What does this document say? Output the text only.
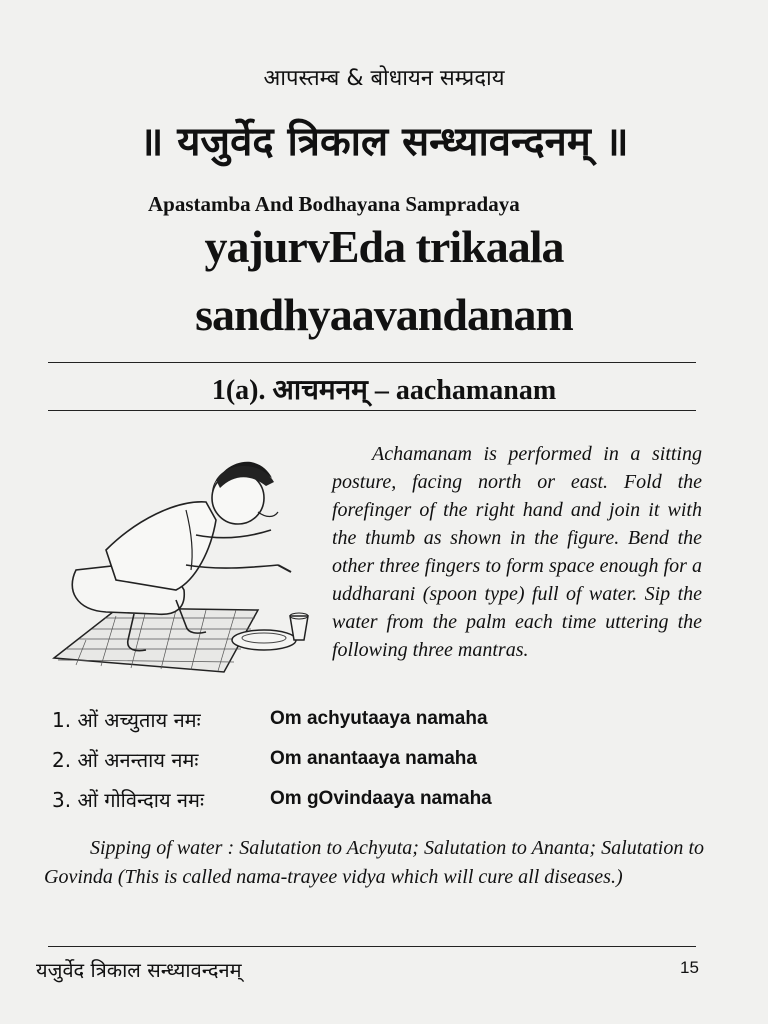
आपस्तम्ब & बोधायन सम्प्रदाय
॥ यजुर्वेद त्रिकाल सन्ध्यावन्दनम् ॥
Apastamba And Bodhayana Sampradaya
yajurvEda trikaala
sandhyaavandanam
1(a). आचमनम् – aachamanam
Achamanam is performed in a sitting posture, facing north or east. Fold the forefinger of the right hand and join it with the thumb as shown in the figure. Bend the other three fingers to form space enough for a uddharani (spoon type) full of water. Sip the water from the palm each time uttering the following three mantras.
1. ओं अच्युताय नमः	Om achyutaaya namaha
2. ओं अनन्ताय नमः	Om anantaaya namaha
3. ओं गोविन्दाय नमः	Om gOvindaaya namaha
Sipping of water : Salutation to Achyuta; Salutation to Ananta; Salutation to Govinda (This is called nama-trayee vidya which will cure all diseases.)
यजुर्वेद त्रिकाल सन्ध्यावन्दनम्	15
